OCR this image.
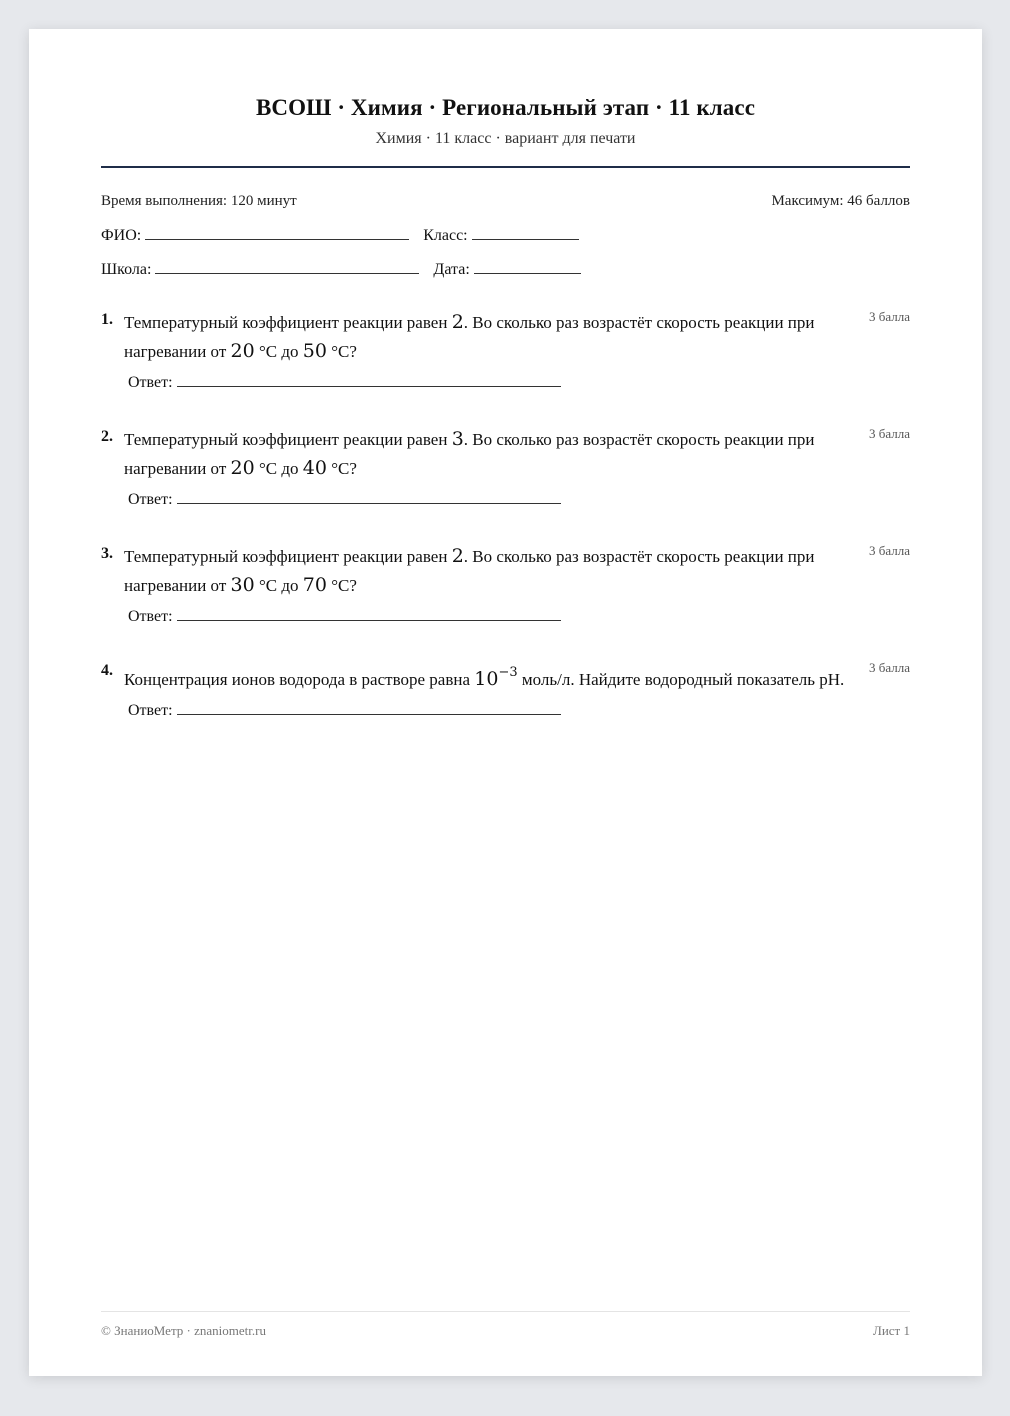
ВСОШ · Химия · Региональный этап · 11 класс
Химия · 11 класс · вариант для печати
Время выполнения: 120 минут	Максимум: 46 баллов
ФИО:	Класс:
Школа:	Дата:
1. Температурный коэффициент реакции равен 2. Во сколько раз возрастёт скорость реакции при нагревании от 20 °C до 50 °C?
3 балла
Ответ:
2. Температурный коэффициент реакции равен 3. Во сколько раз возрастёт скорость реакции при нагревании от 20 °C до 40 °C?
3 балла
Ответ:
3. Температурный коэффициент реакции равен 2. Во сколько раз возрастёт скорость реакции при нагревании от 30 °C до 70 °C?
3 балла
Ответ:
4. Концентрация ионов водорода в растворе равна $10^{-3}$ моль/л. Найдите водородный показатель pH.
3 балла
Ответ:
© ЗнаниоМетр · znaniometr.ru	Лист 1
